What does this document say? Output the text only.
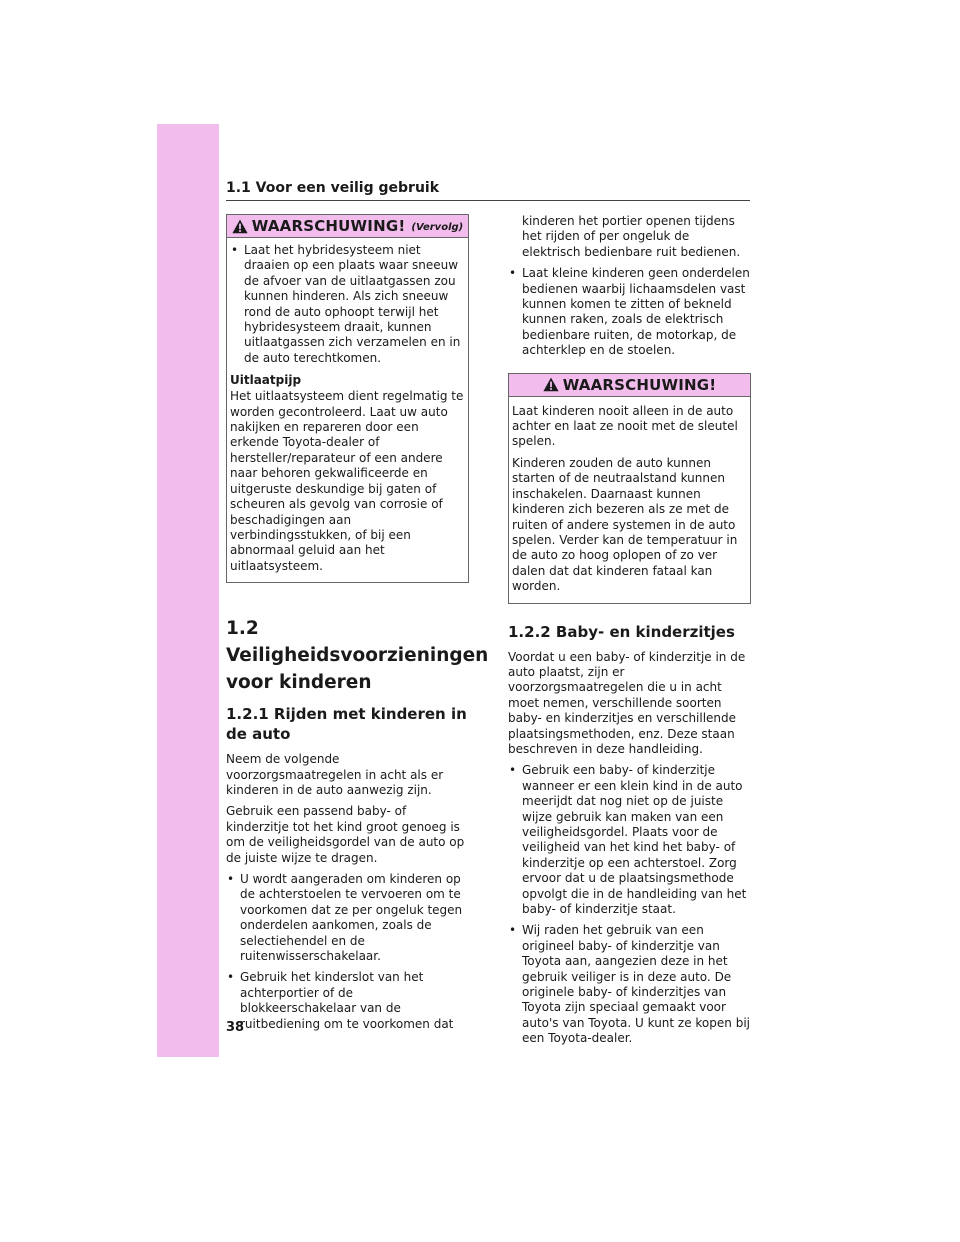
1.1 Voor een veilig gebruik
WAARSCHUWING! (Vervolg)
• Laat het hybridesysteem niet draaien op een plaats waar sneeuw de afvoer van de uitlaatgassen zou kunnen hinderen. Als zich sneeuw rond de auto ophoopt terwijl het hybridesysteem draait, kunnen uitlaatgassen zich verzamelen en in de auto terechtkomen.
Uitlaatpijp

Het uitlaatsysteem dient regelmatig te worden gecontroleerd. Laat uw auto nakijken en repareren door een erkende Toyota-dealer of hersteller/reparateur of een andere naar behoren gekwalificeerde en uitgeruste deskundige bij gaten of scheuren als gevolg van corrosie of beschadigingen aan verbindingsstukken, of bij een abnormaal geluid aan het uitlaatsysteem.

1.2 Veiligheidsvoorzieningen voor kinderen
1.2.1 Rijden met kinderen in de auto

Neem de volgende voorzorgsmaatregelen in acht als er kinderen in de auto aanwezig zijn.

Gebruik een passend baby- of kinderzitje tot het kind groot genoeg is om de veiligheidsgordel van de auto op de juiste wijze te dragen.

• U wordt aangeraden om kinderen op de achterstoelen te vervoeren om te voorkomen dat ze per ongeluk tegen onderdelen aankomen, zoals de selectiehendel en de ruitenwisserschakelaar.
• Gebruik het kinderslot van het achterportier of de blokkeerschakelaar van de ruitbediening om te voorkomen dat

kinderen het portier openen tijdens het rijden of per ongeluk de elektrisch bedienbare ruit bedienen.

• Laat kleine kinderen geen onderdelen bedienen waarbij lichaamsdelen vast kunnen komen te zitten of bekneld kunnen raken, zoals de elektrisch bedienbare ruiten, de motorkap, de achterklep en de stoelen.
WAARSCHUWING!

Laat kinderen nooit alleen in de auto achter en laat ze nooit met de sleutel spelen.

Kinderen zouden de auto kunnen starten of de neutraalstand kunnen inschakelen. Daarnaast kunnen kinderen zich bezeren als ze met de ruiten of andere systemen in de auto spelen. Verder kan de temperatuur in de auto zo hoog oplopen of zo ver dalen dat dat kinderen fataal kan worden.

1.2.2 Baby- en kinderzitjes

Voordat u een baby- of kinderzitje in de auto plaatst, zijn er voorzorgsmaatregelen die u in acht moet nemen, verschillende soorten baby- en kinderzitjes en verschillende plaatsingsmethoden, enz. Deze staan beschreven in deze handleiding.

• Gebruik een baby- of kinderzitje wanneer er een klein kind in de auto meerijdt dat nog niet op de juiste wijze gebruik kan maken van een veiligheidsgordel. Plaats voor de veiligheid van het kind het baby- of kinderzitje op een achterstoel. Zorg ervoor dat u de plaatsingsmethode opvolgt die in de handleiding van het baby- of kinderzitje staat.
• Wij raden het gebruik van een origineel baby- of kinderzitje van Toyota aan, aangezien deze in het gebruik veiliger is in deze auto. De originele baby- of kinderzitjes van Toyota zijn speciaal gemaakt voor auto's van Toyota. U kunt ze kopen bij een Toyota-dealer.
38
